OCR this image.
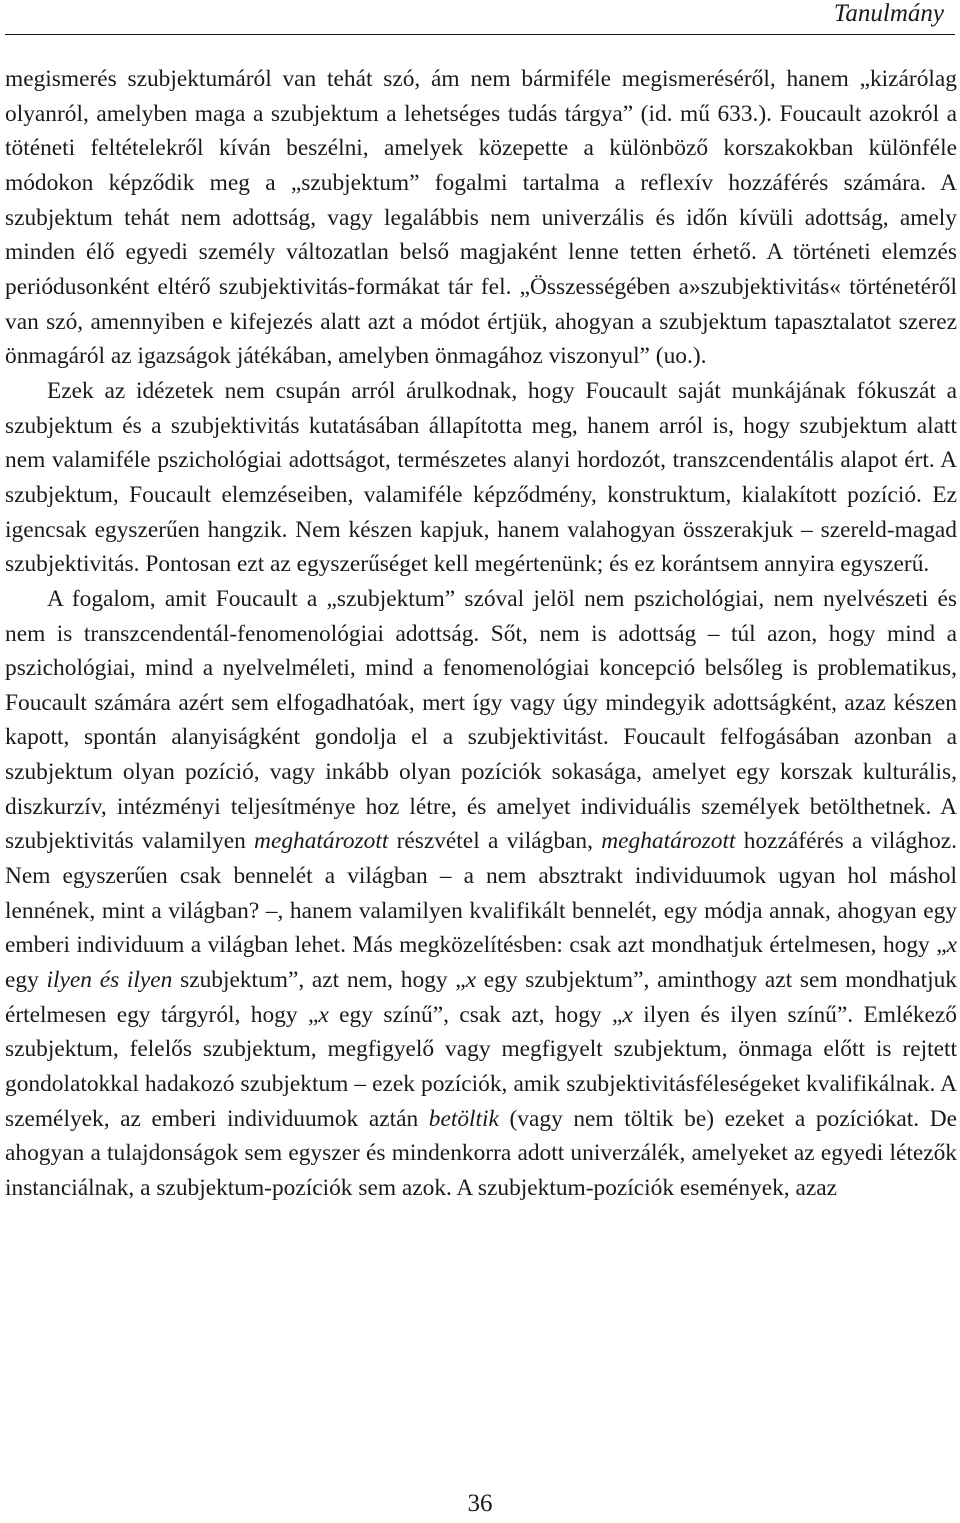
Tanulmány

megismerés szubjektumáról van tehát szó, ám nem bármiféle megismeréséről, hanem „kizárólag olyanról, amelyben maga a szubjektum a lehetséges tudás tárgya” (id. mű 633.). Foucault azokról a töténeti feltételekről kíván beszélni, amelyek közepette a különböző korszakokban különféle módokon képződik meg a „szubjektum” fogalmi tartalma a reflexív hozzáférés számára. A szubjektum tehát nem adottság, vagy legalábbis nem univerzális és időn kívüli adottság, amely minden élő egyedi személy változatlan belső magjaként lenne tetten érhető. A történeti elemzés periódusonként eltérő szubjektivitás-formákat tár fel. „Összességében a»szubjektivitás« történetéről van szó, amennyiben e kifejezés alatt azt a módot értjük, ahogyan a szubjektum tapasztalatot szerez önmagáról az igazságok játékában, amelyben önmagához viszonyul” (uo.).

Ezek az idézetek nem csupán arról árulkodnak, hogy Foucault saját munkájának fókuszát a szubjektum és a szubjektivitás kutatásában állapította meg, hanem arról is, hogy szubjektum alatt nem valamiféle pszichológiai adottságot, természetes alanyi hordozót, transzcendentális alapot ért. A szubjektum, Foucault elemzéseiben, valamiféle képződmény, konstruktum, kialakított pozíció. Ez igencsak egyszerűen hangzik. Nem készen kapjuk, hanem valahogyan összerakjuk – szereld-magad szubjektivitás. Pontosan ezt az egyszerűséget kell megértenünk; és ez korántsem annyira egyszerű.

A fogalom, amit Foucault a „szubjektum” szóval jelöl nem pszichológiai, nem nyelvészeti és nem is transzcendentál-fenomenológiai adottság. Sőt, nem is adottság – túl azon, hogy mind a pszichológiai, mind a nyelvelméleti, mind a fenomenológiai koncepció belsőleg is problematikus, Foucault számára azért sem elfogadhatóak, mert így vagy úgy mindegyik adottságként, azaz készen kapott, spontán alanyiságként gondolja el a szubjektivitást. Foucault felfogásában azonban a szubjektum olyan pozíció, vagy inkább olyan pozíciók sokasága, amelyet egy korszak kulturális, diszkurzív, intézményi teljesítménye hoz létre, és amelyet individuális személyek betölthetnek. A szubjektivitás valamilyen meghatározott részvétel a világban, meghatározott hozzáférés a világhoz. Nem egyszerűen csak bennelét a világban – a nem absztrakt individuumok ugyan hol máshol lennének, mint a világban? –, hanem valamilyen kvalifikált bennelét, egy módja annak, ahogyan egy emberi individuum a világban lehet. Más megközelítésben: csak azt mondhatjuk értelmesen, hogy „x egy ilyen és ilyen szubjektum”, azt nem, hogy „x egy szubjektum”, aminthogy azt sem mondhatjuk értelmesen egy tárgyról, hogy „x egy színű”, csak azt, hogy „x ilyen és ilyen színű”. Emlékező szubjektum, felelős szubjektum, megfigyelő vagy megfigyelt szubjektum, önmaga előtt is rejtett gondolatokkal hadakozó szubjektum – ezek pozíciók, amik szubjektivitásféleségeket kvalifikálnak. A személyek, az emberi individuumok aztán betöltik (vagy nem töltik be) ezeket a pozíciókat. De ahogyan a tulajdonságok sem egyszer és mindenkorra adott univerzálék, amelyeket az egyedi létezők instanciálnak, a szubjektum-pozíciók sem azok. A szubjektum-pozíciók események, azaz

36
